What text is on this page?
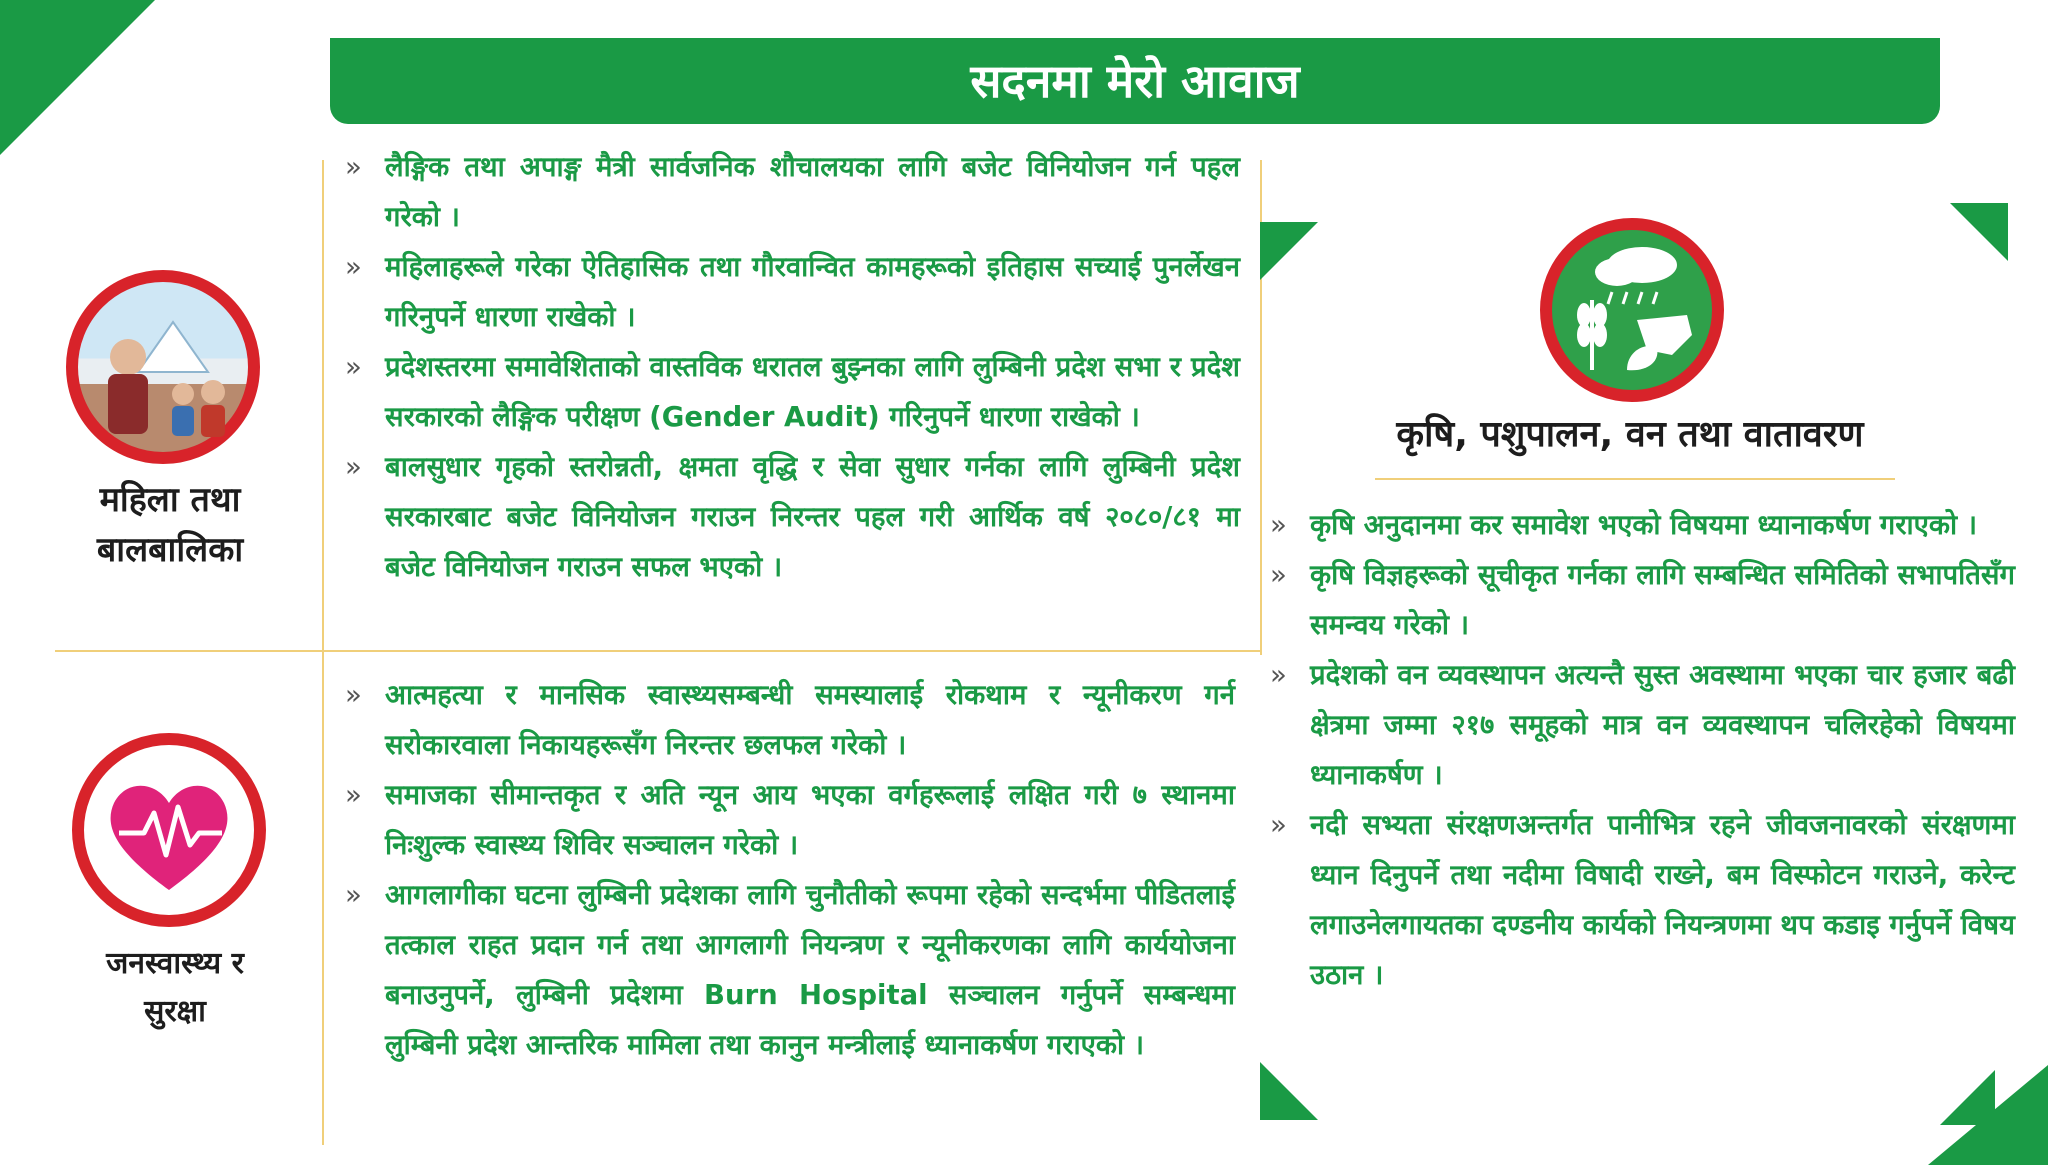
सदनमा मेरो आवाज
महिला तथा
बालबालिका
» लैङ्गिक तथा अपाङ्ग मैत्री सार्वजनिक शौचालयका लागि बजेट विनियोजन गर्न पहल गरेको ।
» महिलाहरूले गरेका ऐतिहासिक तथा गौरवान्वित कामहरूको इतिहास सच्याई पुनर्लेखन गरिनुपर्ने धारणा राखेको ।
» प्रदेशस्तरमा समावेशिताको वास्तविक धरातल बुझ्नका लागि लुम्बिनी प्रदेश सभा र प्रदेश सरकारको लैङ्गिक परीक्षण (Gender Audit) गरिनुपर्ने धारणा राखेको ।
» बालसुधार गृहको स्तरोन्नती, क्षमता वृद्धि र सेवा सुधार गर्नका लागि लुम्बिनी प्रदेश सरकारबाट बजेट विनियोजन गराउन निरन्तर पहल गरी आर्थिक वर्ष २०८०/८१ मा बजेट विनियोजन गराउन सफल भएको ।
जनस्वास्थ्य र
सुरक्षा
» आत्महत्या र मानसिक स्वास्थ्यसम्बन्धी समस्यालाई रोकथाम र न्यूनीकरण गर्न सरोकारवाला निकायहरूसँग निरन्तर छलफल गरेको ।
» समाजका सीमान्तकृत र अति न्यून आय भएका वर्गहरूलाई लक्षित गरी ७ स्थानमा निःशुल्क स्वास्थ्य शिविर सञ्चालन गरेको ।
» आगलागीका घटना लुम्बिनी प्रदेशका लागि चुनौतीको रूपमा रहेको सन्दर्भमा पीडितलाई तत्काल राहत प्रदान गर्न तथा आगलागी नियन्त्रण र न्यूनीकरणका लागि कार्ययोजना बनाउनुपर्ने, लुम्बिनी प्रदेशमा Burn Hospital सञ्चालन गर्नुपर्ने सम्बन्धमा लुम्बिनी प्रदेश आन्तरिक मामिला तथा कानुन मन्त्रीलाई ध्यानाकर्षण गराएको ।
कृषि, पशुपालन, वन तथा वातावरण
» कृषि अनुदानमा कर समावेश भएको विषयमा ध्यानाकर्षण गराएको ।
» कृषि विज्ञहरूको सूचीकृत गर्नका लागि सम्बन्धित समितिको सभापतिसँग समन्वय गरेको ।
» प्रदेशको वन व्यवस्थापन अत्यन्तै सुस्त अवस्थामा भएका चार हजार बढी क्षेत्रमा जम्मा २१७ समूहको मात्र वन व्यवस्थापन चलिरहेको विषयमा ध्यानाकर्षण ।
» नदी सभ्यता संरक्षणअन्तर्गत पानीभित्र रहने जीवजनावरको संरक्षणमा ध्यान दिनुपर्ने तथा नदीमा विषादी राख्ने, बम विस्फोटन गराउने, करेन्ट लगाउनेलगायतका दण्डनीय कार्यको नियन्त्रणमा थप कडाइ गर्नुपर्ने विषय उठान ।
